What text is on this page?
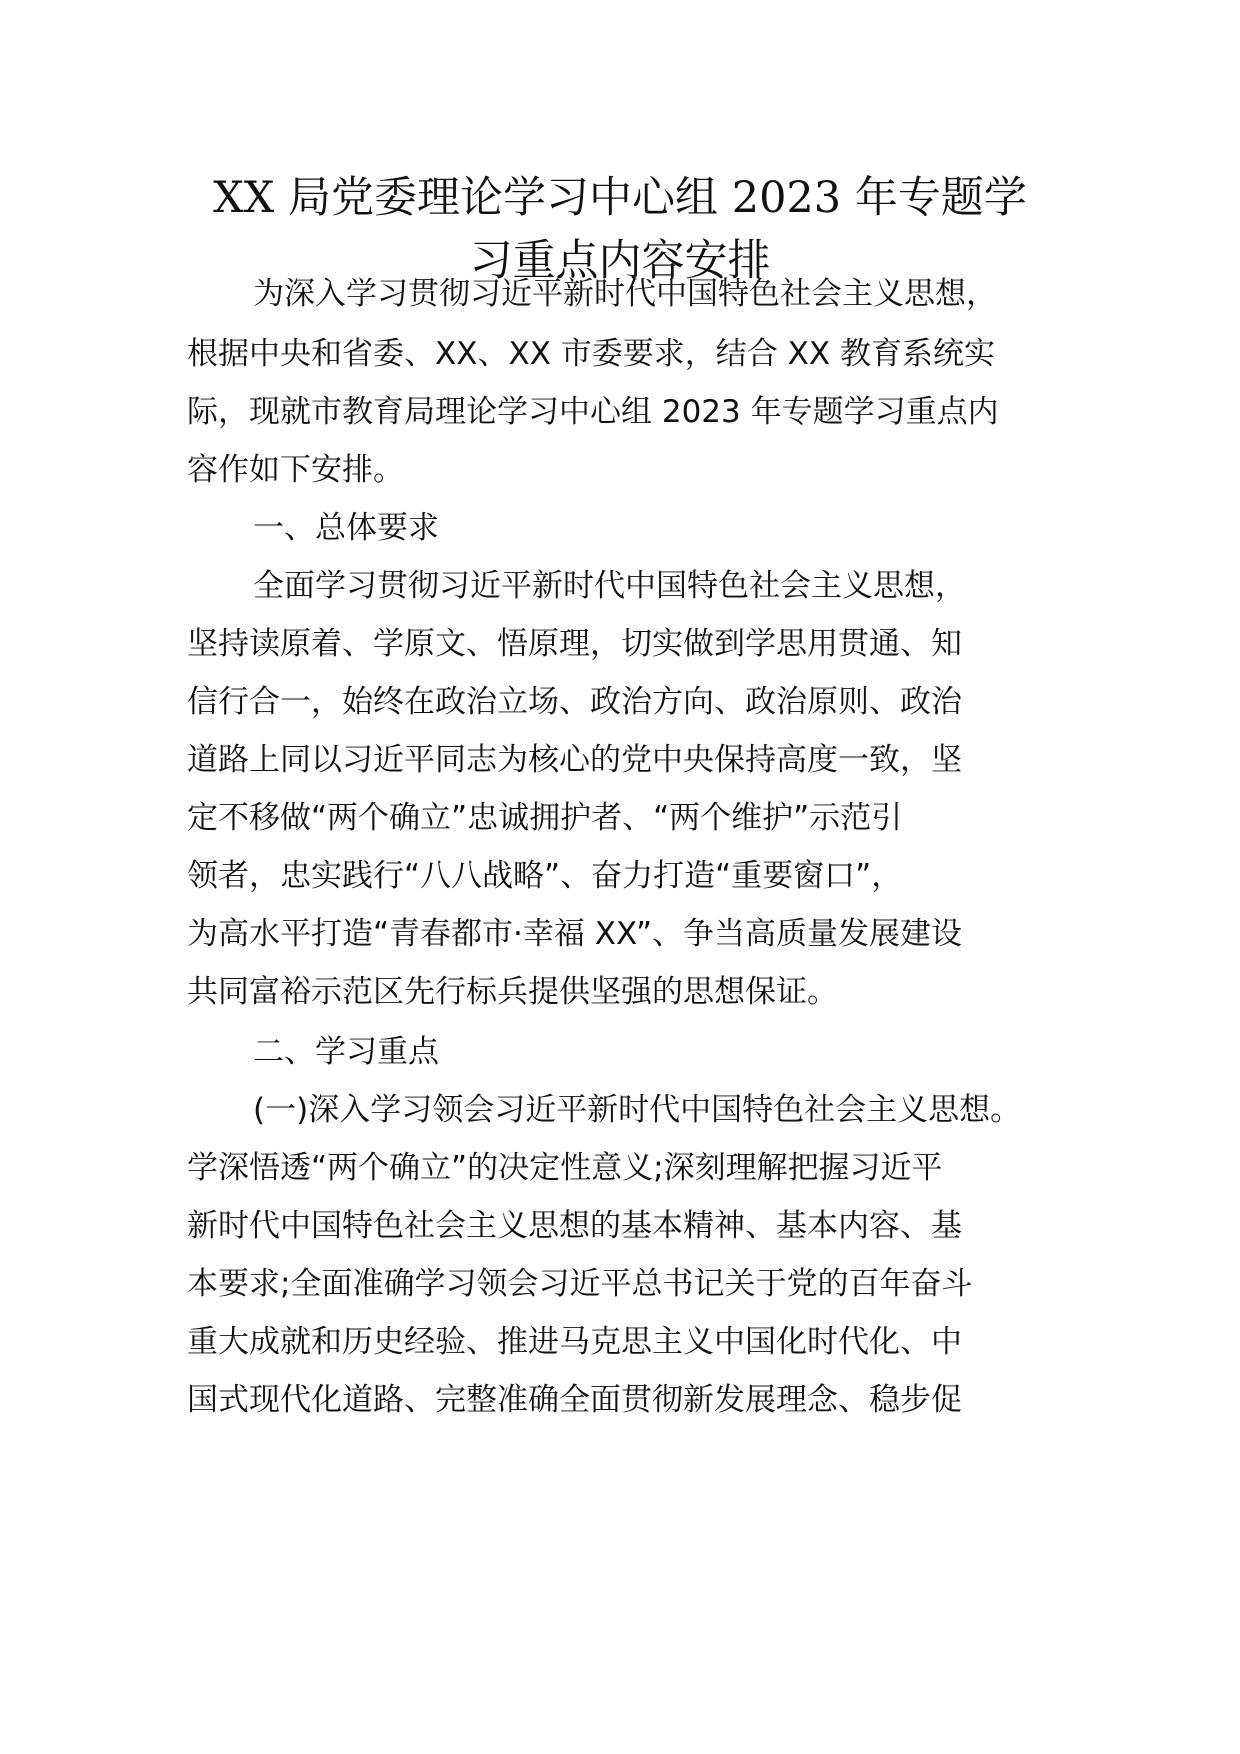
XX 局党委理论学习中心组 2023 年专题学
习重点内容安排

为深入学习贯彻习近平新时代中国特色社会主义思想，

根据中央和省委、XX、XX 市委要求，结合 XX 教育系统实

际，现就市教育局理论学习中心组 2023 年专题学习重点内

容作如下安排。

一、总体要求

全面学习贯彻习近平新时代中国特色社会主义思想，

坚持读原着、学原文、悟原理，切实做到学思用贯通、知

信行合一，始终在政治立场、政治方向、政治原则、政治

道路上同以习近平同志为核心的党中央保持高度一致，坚

定不移做“两个确立”忠诚拥护者、“两个维护”示范引

领者，忠实践行“八八战略”、奋力打造“重要窗口”，

为高水平打造“青春都市·幸福 XX”、争当高质量发展建设

共同富裕示范区先行标兵提供坚强的思想保证。

二、学习重点

(一)深入学习领会习近平新时代中国特色社会主义思想。

学深悟透“两个确立”的决定性意义;深刻理解把握习近平

新时代中国特色社会主义思想的基本精神、基本内容、基

本要求;全面准确学习领会习近平总书记关于党的百年奋斗

重大成就和历史经验、推进马克思主义中国化时代化、中

国式现代化道路、完整准确全面贯彻新发展理念、稳步促
